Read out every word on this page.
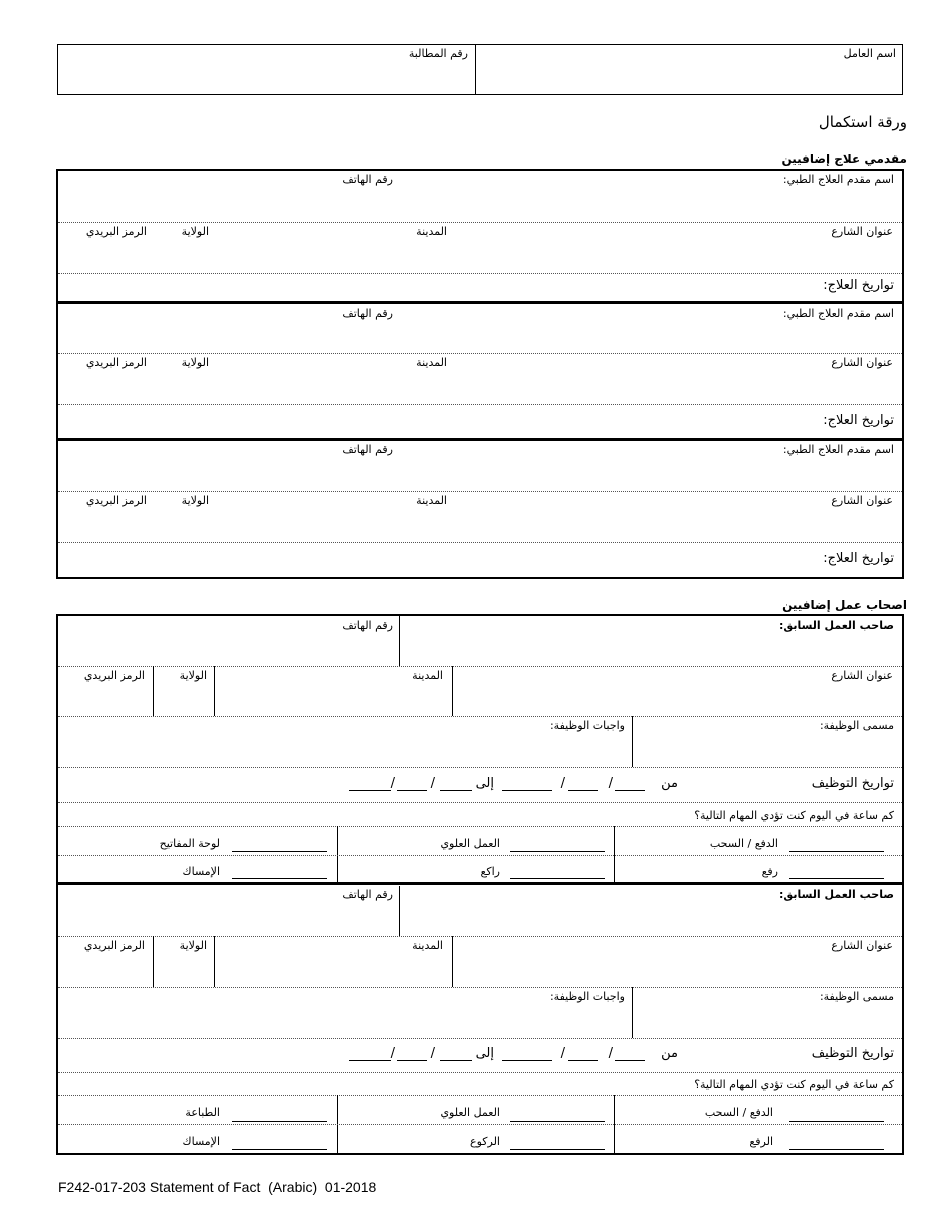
اسم العامل
رقم المطالبة
ورقة استكمال
مقدمي علاج إضافيين
اسم مقدم العلاج الطبي:
رقم الهاتف
عنوان الشارع
المدينة
الولاية
الرمز البريدي
تواريخ العلاج:
اسم مقدم العلاج الطبي:
رقم الهاتف
عنوان الشارع
المدينة
الولاية
الرمز البريدي
تواريخ العلاج:
اسم مقدم العلاج الطبي:
رقم الهاتف
عنوان الشارع
المدينة
الولاية
الرمز البريدي
تواريخ العلاج:
اصحاب عمل إضافيين
صاحب العمل السابق:
رقم الهاتف
عنوان الشارع
المدينة
الولاية
الرمز البريدي
مسمى الوظيفة:
واجبات الوظيفة:
تواريخ التوظيف
من
/
/
إلى
/
/
كم ساعة في اليوم كنت تؤدي المهام التالية؟
الدفع / السحب
العمل العلوي
لوحة المفاتيح
رفع
راكع
الإمساك
صاحب العمل السابق:
رقم الهاتف
عنوان الشارع
المدينة
الولاية
الرمز البريدي
مسمى الوظيفة:
واجبات الوظيفة:
تواريخ التوظيف
من
/
/
إلى
/
/
كم ساعة في اليوم كنت تؤدي المهام التالية؟
الدفع / السحب
العمل العلوي
الطباعة
الرفع
الركوع
الإمساك
F242-017-203 Statement of Fact  (Arabic)  01-2018
